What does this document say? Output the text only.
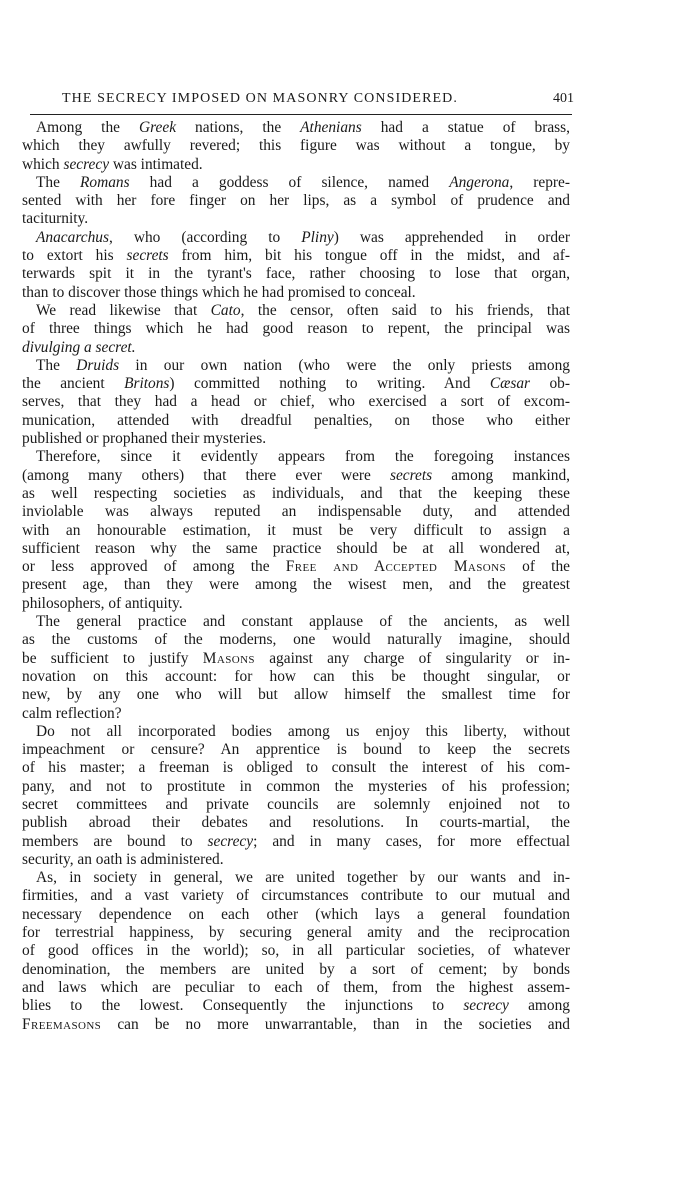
THE SECRECY IMPOSED ON MASONRY CONSIDERED.	401

Among the Greek nations, the Athenians had a statue of brass,
which they awfully revered; this figure was without a tongue, by
which secrecy was intimated.

The Romans had a goddess of silence, named Angerona, repre-
sented with her fore finger on her lips, as a symbol of prudence and
taciturnity.

Anacarchus, who (according to Pliny) was apprehended in order
to extort his secrets from him, bit his tongue off in the midst, and af-
terwards spit it in the tyrant's face, rather choosing to lose that organ,
than to discover those things which he had promised to conceal.

We read likewise that Cato, the censor, often said to his friends, that
of three things which he had good reason to repent, the principal was
divulging a secret.

The Druids in our own nation (who were the only priests among
the ancient Britons) committed nothing to writing. And Cæsar ob-
serves, that they had a head or chief, who exercised a sort of excom-
munication, attended with dreadful penalties, on those who either
published or prophaned their mysteries.

Therefore, since it evidently appears from the foregoing instances
(among many others) that there ever were secrets among mankind,
as well respecting societies as individuals, and that the keeping these
inviolable was always reputed an indispensable duty, and attended
with an honourable estimation, it must be very difficult to assign a
sufficient reason why the same practice should be at all wondered at,
or less approved of among the Free and Accepted Masons of the
present age, than they were among the wisest men, and the greatest
philosophers, of antiquity.

The general practice and constant applause of the ancients, as well
as the customs of the moderns, one would naturally imagine, should
be sufficient to justify Masons against any charge of singularity or in-
novation on this account: for how can this be thought singular, or
new, by any one who will but allow himself the smallest time for
calm reflection?

Do not all incorporated bodies among us enjoy this liberty, without
impeachment or censure? An apprentice is bound to keep the secrets
of his master; a freeman is obliged to consult the interest of his com-
pany, and not to prostitute in common the mysteries of his profession;
secret committees and private councils are solemnly enjoined not to
publish abroad their debates and resolutions. In courts-martial, the
members are bound to secrecy; and in many cases, for more effectual
security, an oath is administered.

As, in society in general, we are united together by our wants and in-
firmities, and a vast variety of circumstances contribute to our mutual and
necessary dependence on each other (which lays a general foundation
for terrestrial happiness, by securing general amity and the reciprocation
of good offices in the world); so, in all particular societies, of whatever
denomination, the members are united by a sort of cement; by bonds
and laws which are peculiar to each of them, from the highest assem-
blies to the lowest. Consequently the injunctions to secrecy among
Freemasons can be no more unwarrantable, than in the societies and
